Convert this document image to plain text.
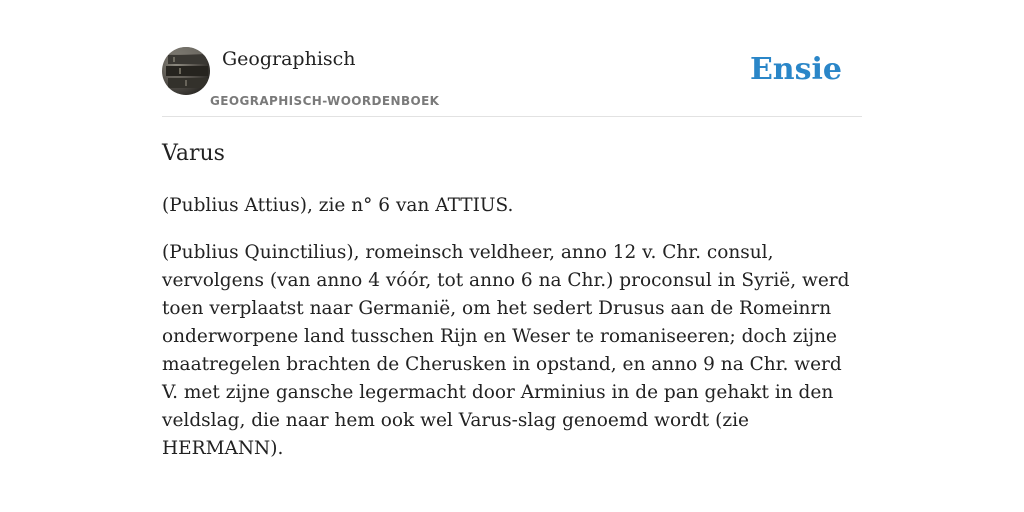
Geographisch
GEOGRAPHISCH-WOORDENBOEK
Ensie
Varus

(Publius Attius), zie n° 6 van ATTIUS.

(Publius Quinctilius), romeinsch veldheer, anno 12 v. Chr. consul, vervolgens (van anno 4 vóór, tot anno 6 na Chr.) proconsul in Syrië, werd toen verplaatst naar Germanië, om het sedert Drusus aan de Romeinrn onderworpene land tusschen Rijn en Weser te romaniseeren; doch zijne maatregelen brachten de Cherusken in opstand, en anno 9 na Chr. werd V. met zijne gansche legermacht door Arminius in de pan gehakt in den veldslag, die naar hem ook wel Varus-slag genoemd wordt (zie HERMANN).
